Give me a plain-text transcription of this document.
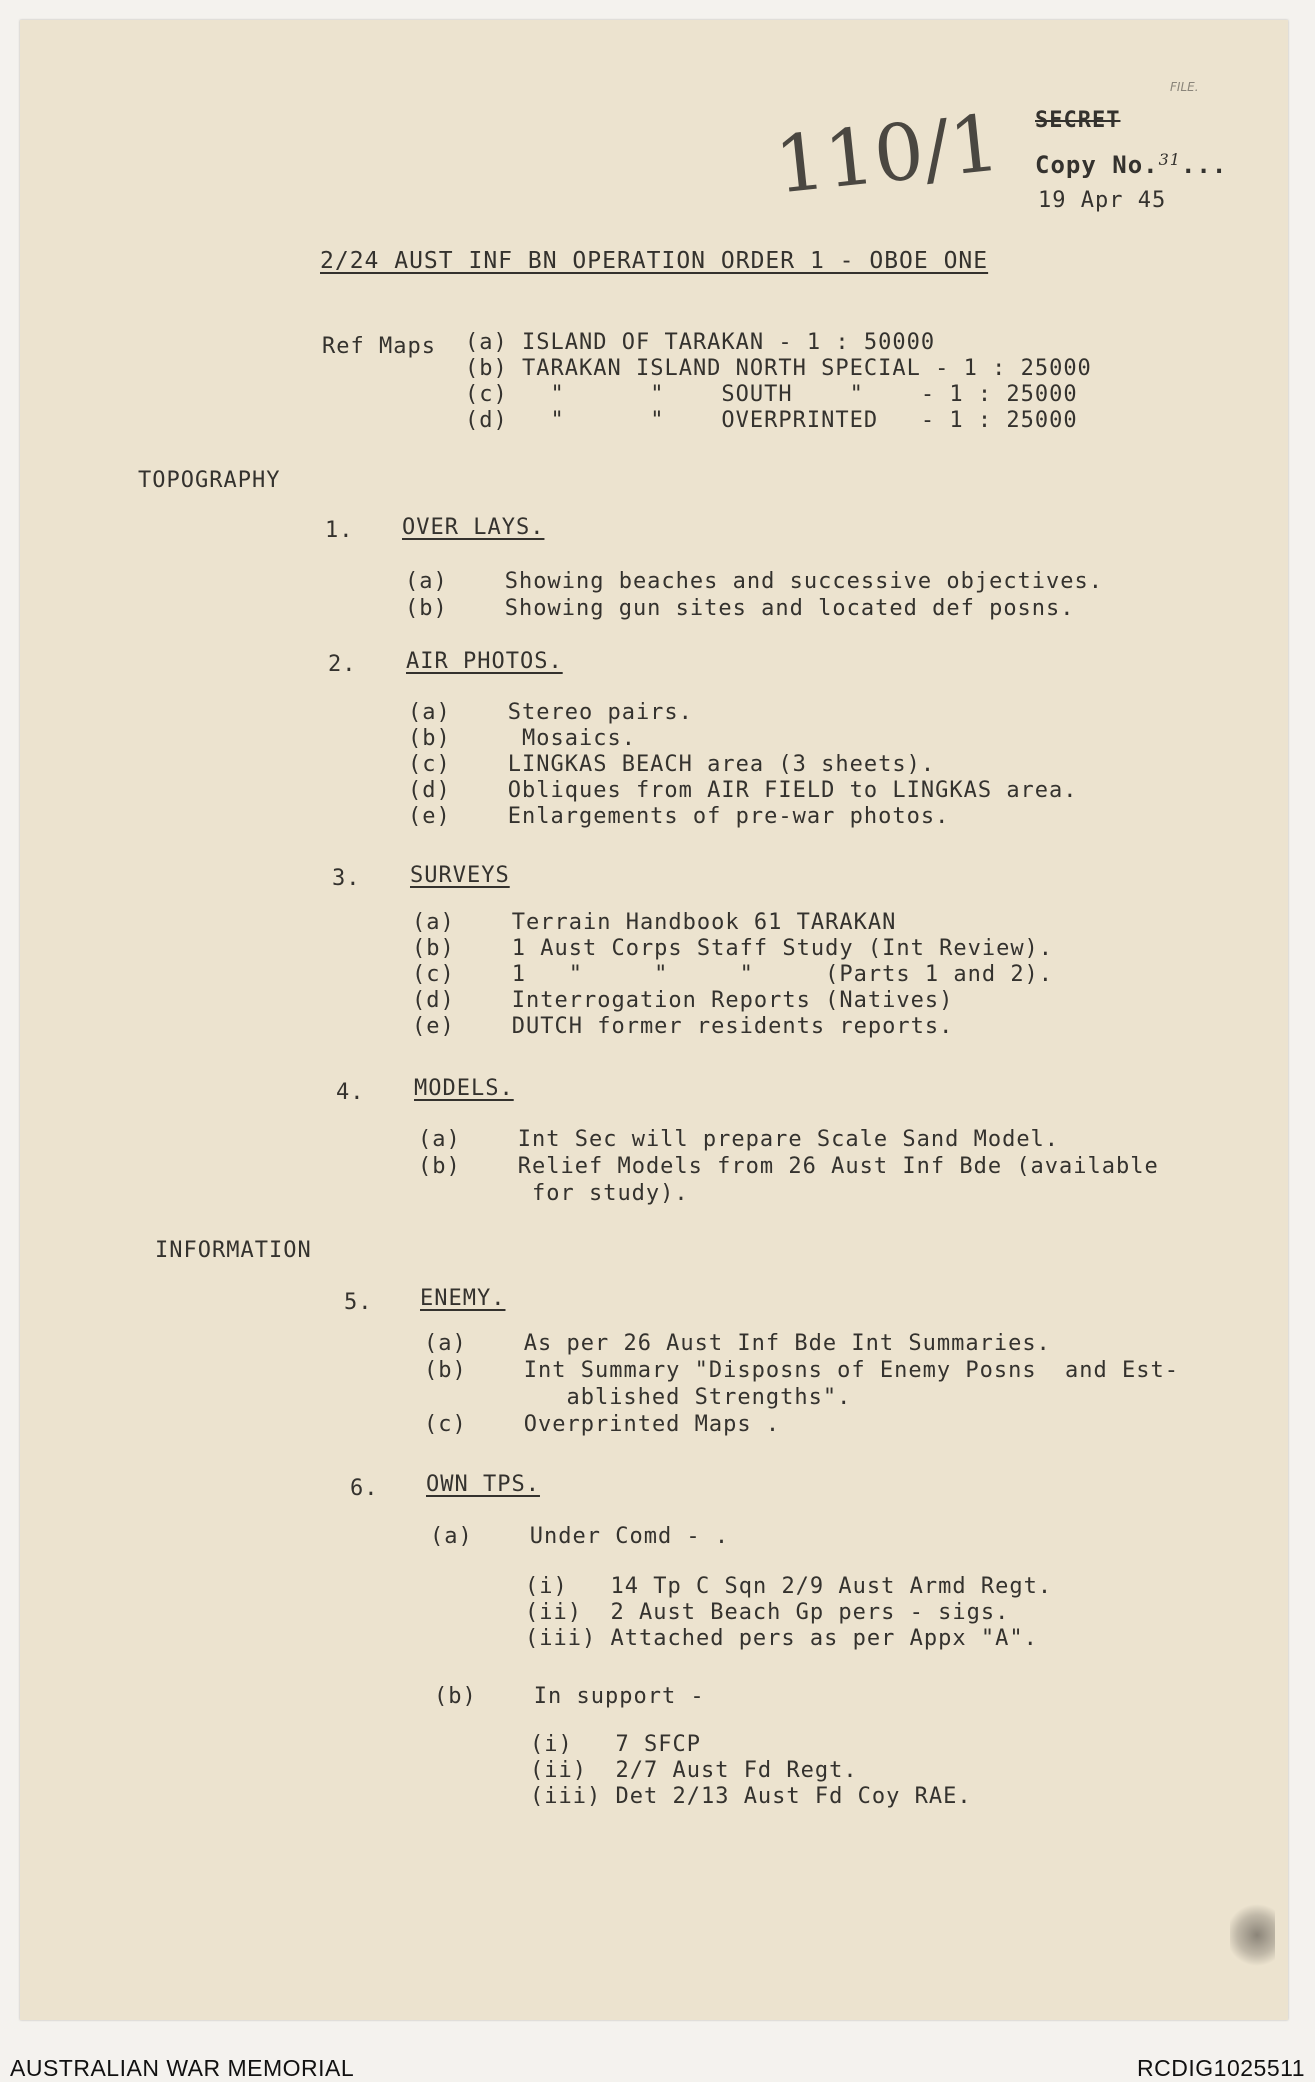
110/1
FILE.
SECRET
Copy No.$^{31}$...
19 Apr 45
2/24 AUST INF BN OPERATION ORDER 1 - OBOE ONE
Ref Maps (a) ISLAND OF TARAKAN - 1 : 50000
(b) TARAKAN ISLAND NORTH SPECIAL - 1 : 25000
(c)   "      "    SOUTH    "    - 1 : 25000
(d)   "      "    OVERPRINTED   - 1 : 25000
TOPOGRAPHY
1. OVER LAYS.
(a)	Showing beaches and successive objectives.
(b)	Showing gun sites and located def posns.
2. AIR PHOTOS.
(a)	Stereo pairs.
(b)	Mosaics.
(c)	LINGKAS BEACH area (3 sheets).
(d)	Obliques from AIR FIELD to LINGKAS area.
(e)	Enlargements of pre-war photos.
3. SURVEYS
(a)	Terrain Handbook 61 TARAKAN
(b)	1 Aust Corps Staff Study (Int Review).
(c)	1   "     "     "     (Parts 1 and 2).
(d)	Interrogation Reports (Natives)
(e)	DUTCH former residents reports.
4. MODELS.
(a)	Int Sec will prepare Scale Sand Model.
(b)	Relief Models from 26 Aust Inf Bde (available
for study).
INFORMATION
5. ENEMY.
(a)	As per 26 Aust Inf Bde Int Summaries.
(b)	Int Summary "Disposns of Enemy Posns  and Est-
ablished Strengths".
(c)	Overprinted Maps .
6. OWN TPS.
(a)	Under Comd - .
(i) 14 Tp C Sqn 2/9 Aust Armd Regt.
(ii) 2 Aust Beach Gp pers - sigs.
(iii) Attached pers as per Appx "A".
(b)	In support -
(i) 7 SFCP
(ii) 2/7 Aust Fd Regt.
(iii) Det 2/13 Aust Fd Coy RAE.
AUSTRALIAN WAR MEMORIAL	RCDIG1025511
